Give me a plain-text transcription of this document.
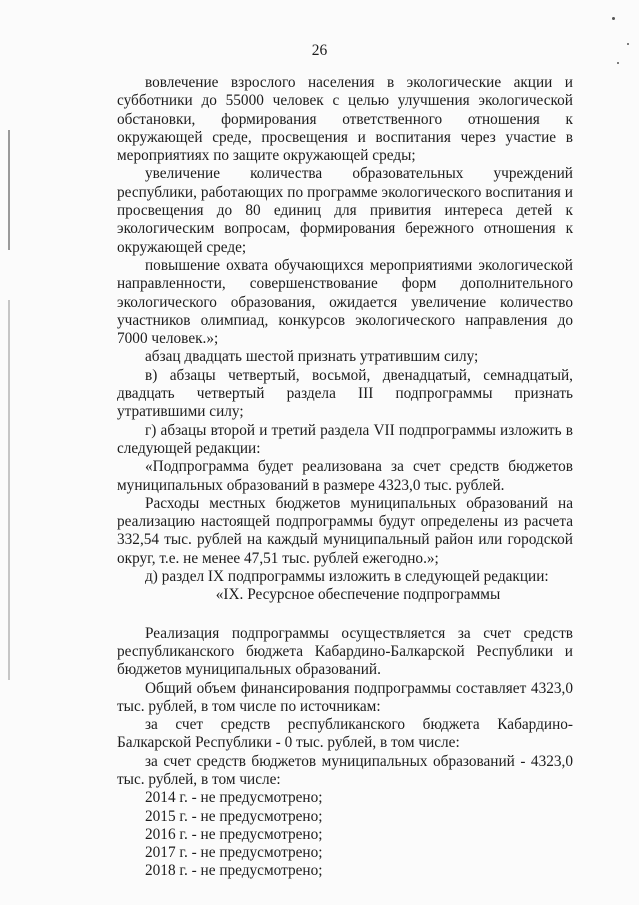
26

вовлечение взрослого населения в экологические акции и субботники до 55000 человек с целью улучшения экологической обстановки, формирования ответственного отношения к окружающей среде, просвещения и воспитания через участие в мероприятиях по защите окружающей среды;

увеличение количества образовательных учреждений республики, работающих по программе экологического воспитания и просвещения до 80 единиц для привития интереса детей к экологическим вопросам, формирования бережного отношения к окружающей среде;

повышение охвата обучающихся мероприятиями экологической направленности, совершенствование форм дополнительного экологического образования, ожидается увеличение количество участников олимпиад, конкурсов экологического направления до 7000 человек.»;

абзац двадцать шестой признать утратившим силу;

в) абзацы четвертый, восьмой, двенадцатый, семнадцатый, двадцать четвертый раздела III подпрограммы признать утратившими силу;

г) абзацы второй и третий раздела VII подпрограммы изложить в следующей редакции:

«Подпрограмма будет реализована за счет средств бюджетов муниципальных образований в размере 4323,0 тыс. рублей.

Расходы местных бюджетов муниципальных образований на реализацию настоящей подпрограммы будут определены из расчета 332,54 тыс. рублей на каждый муниципальный район или городской округ, т.е. не менее 47,51 тыс. рублей ежегодно.»;

д) раздел IX подпрограммы изложить в следующей редакции:

«IX. Ресурсное обеспечение подпрограммы

Реализация подпрограммы осуществляется за счет средств республиканского бюджета Кабардино-Балкарской Республики и бюджетов муниципальных образований.

Общий объем финансирования подпрограммы составляет 4323,0 тыс. рублей, в том числе по источникам:

за счет средств республиканского бюджета Кабардино-Балкарской Республики - 0 тыс. рублей, в том числе:

за счет средств бюджетов муниципальных образований - 4323,0 тыс. рублей, в том числе:

2014 г. - не предусмотрено;

2015 г. - не предусмотрено;

2016 г. - не предусмотрено;

2017 г. - не предусмотрено;

2018 г. - не предусмотрено;
